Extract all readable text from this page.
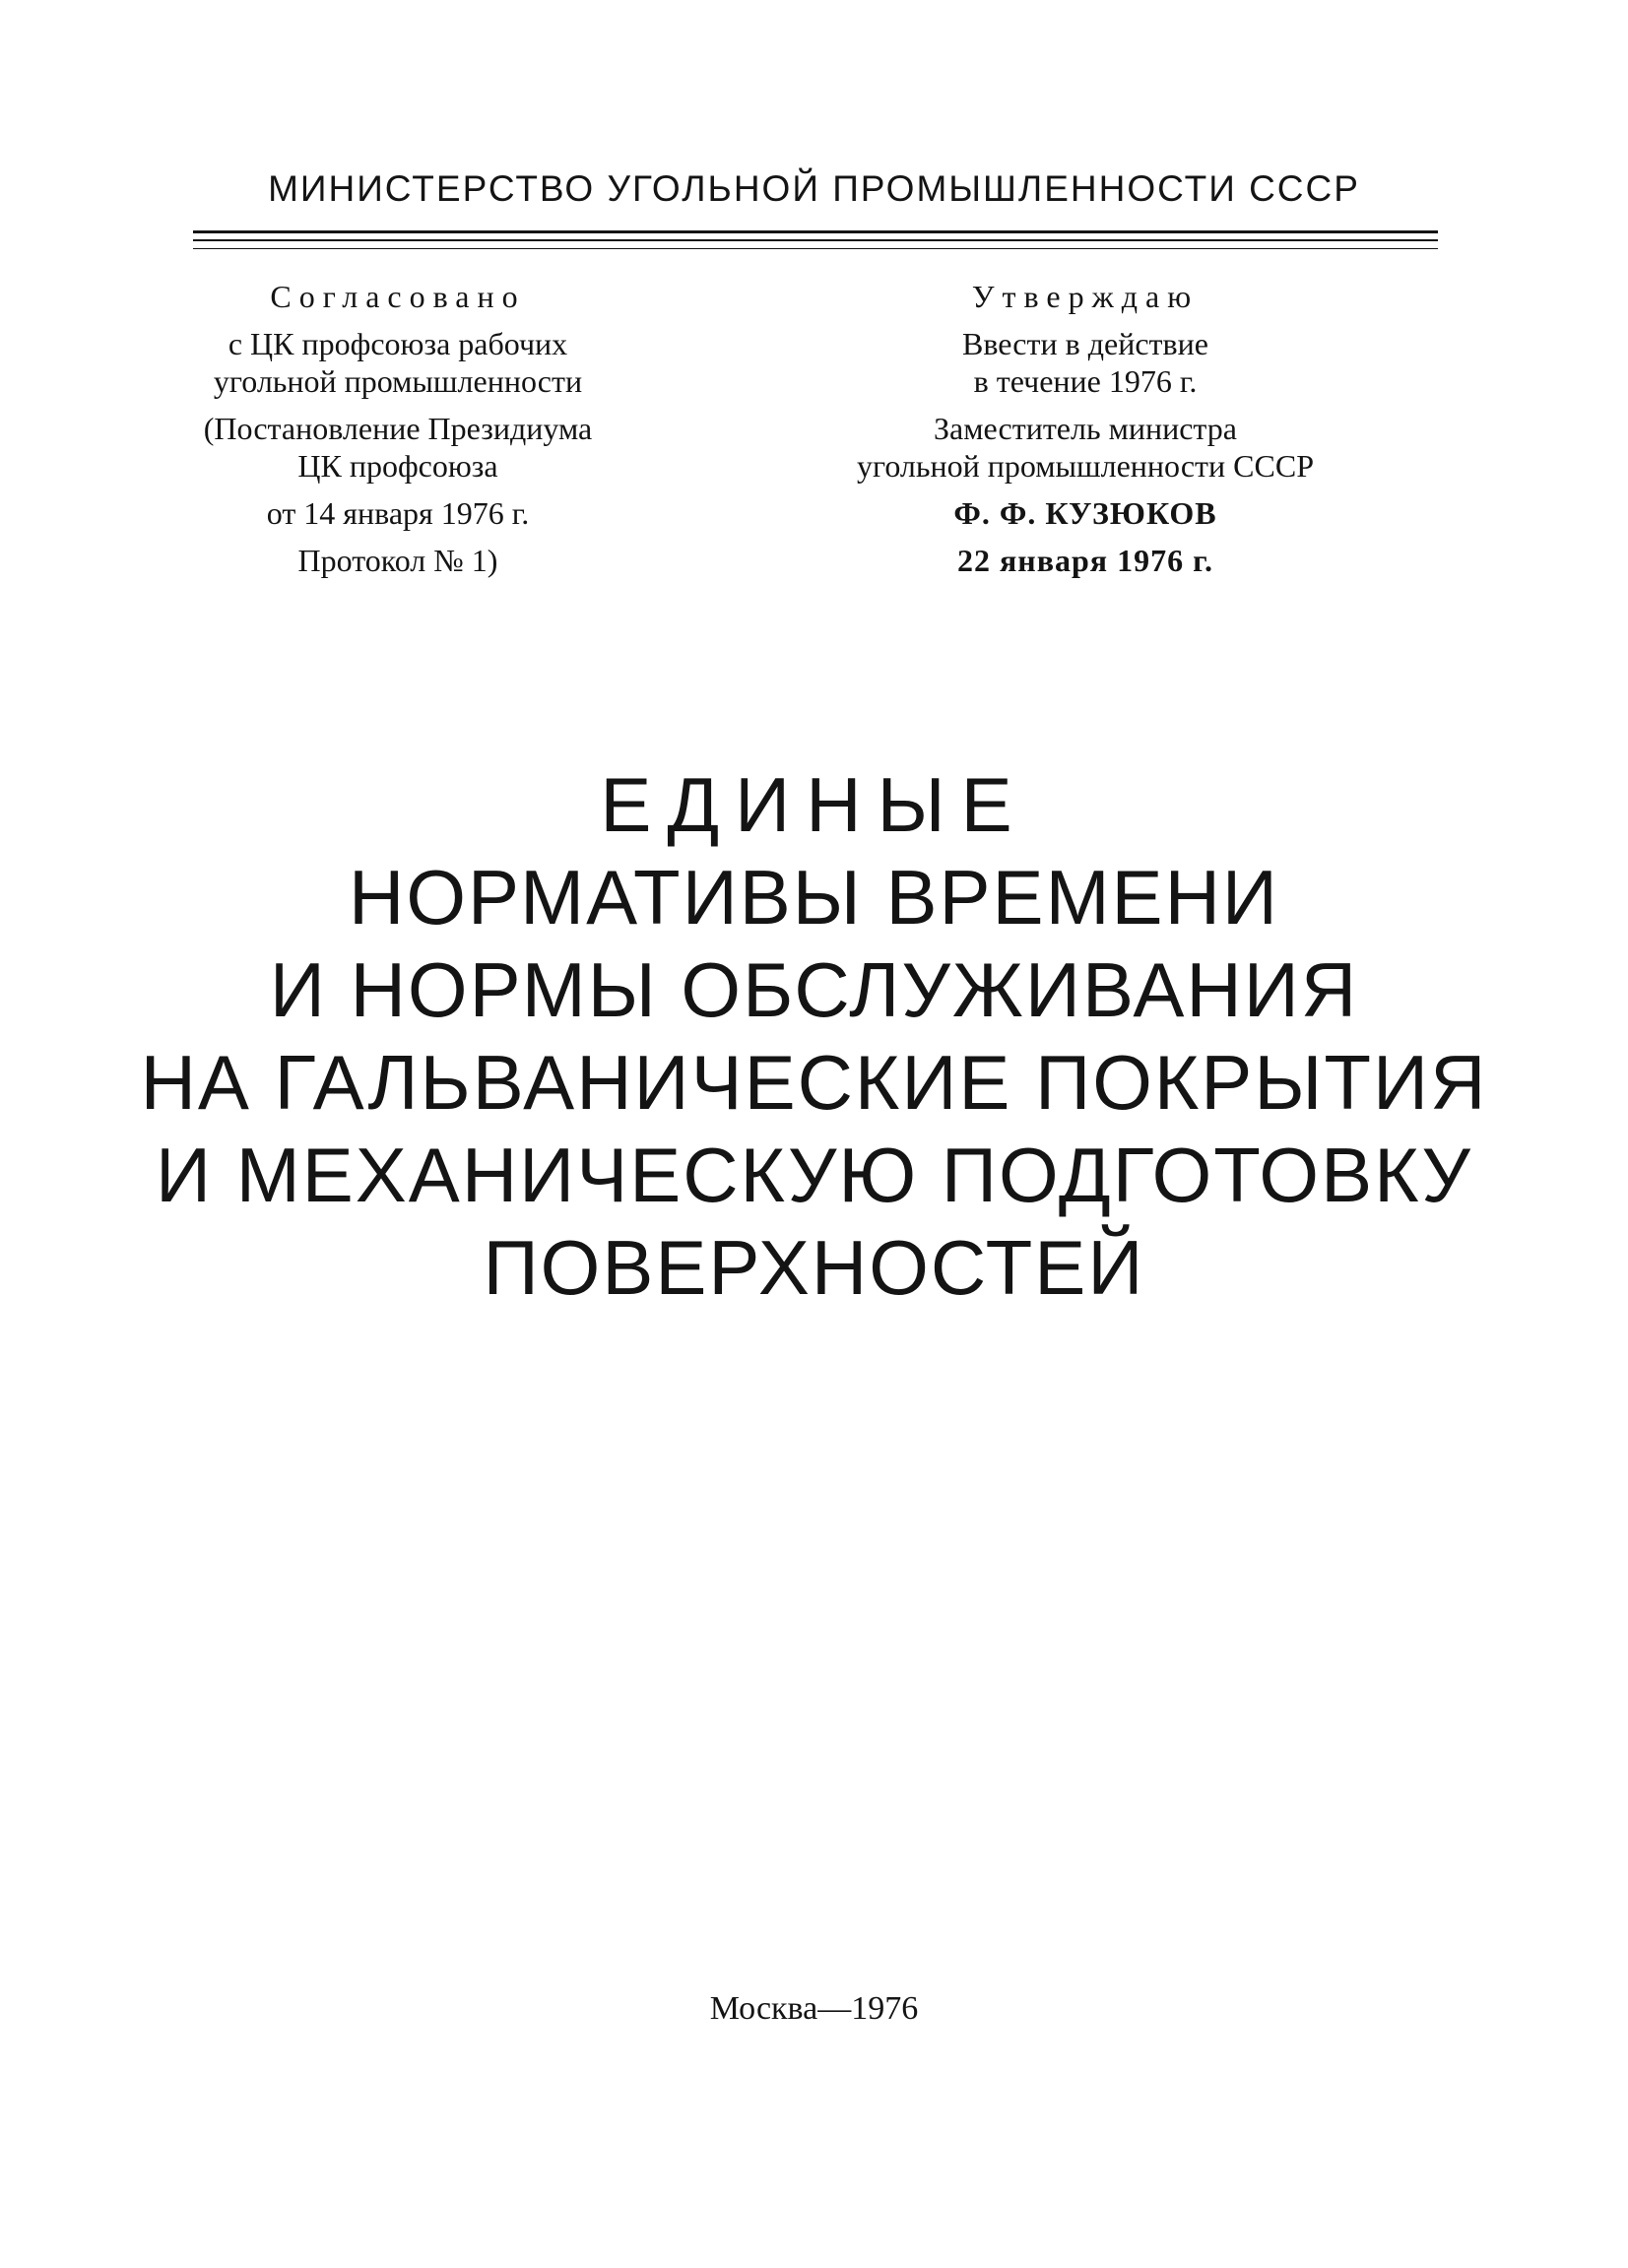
МИНИСТЕРСТВО УГОЛЬНОЙ ПРОМЫШЛЕННОСТИ СССР
Согласовано
с ЦК профсоюза рабочих
угольной промышленности
(Постановление Президиума
ЦК профсоюза
от 14 января 1976 г.
Протокол № 1)
Утверждаю
Ввести в действие
в течение 1976 г.
Заместитель министра
угольной промышленности СССР
Ф. Ф. КУЗЮКОВ
22 января 1976 г.
ЕДИНЫЕ
НОРМАТИВЫ ВРЕМЕНИ
И НОРМЫ ОБСЛУЖИВАНИЯ
НА ГАЛЬВАНИЧЕСКИЕ ПОКРЫТИЯ
И МЕХАНИЧЕСКУЮ ПОДГОТОВКУ
ПОВЕРХНОСТЕЙ
Москва—1976
